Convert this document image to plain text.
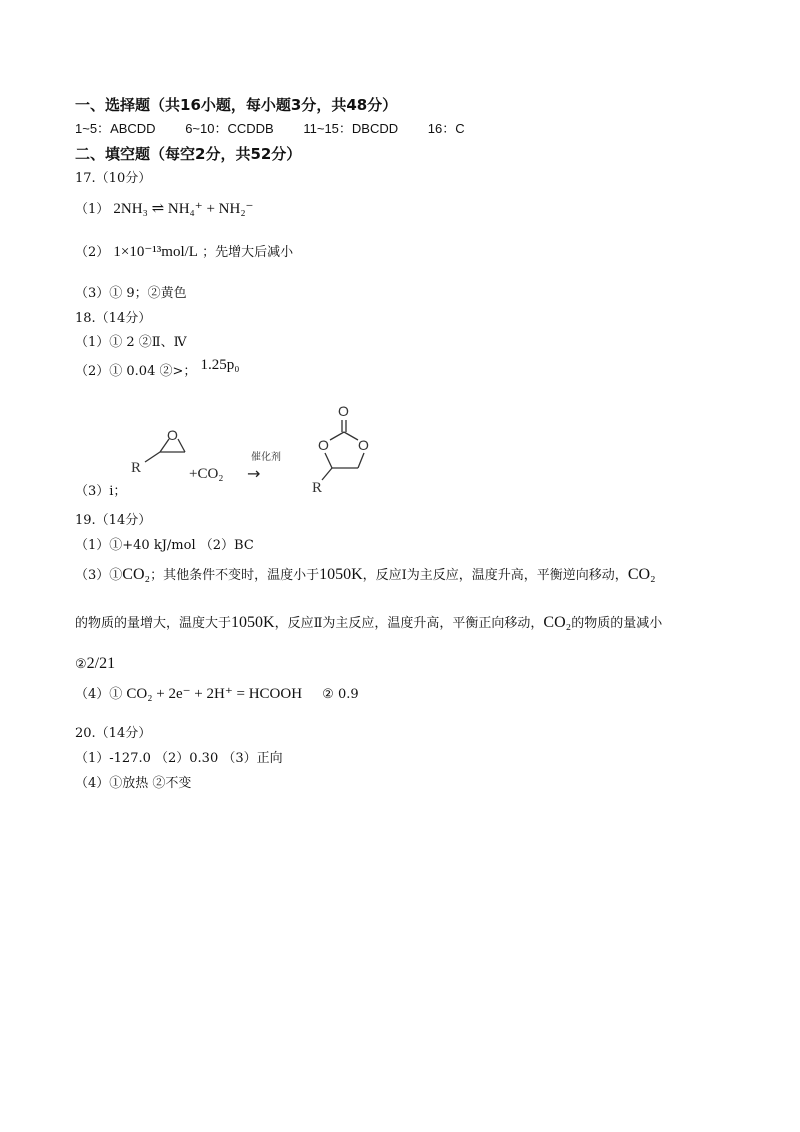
一、选择题（共16小题，每小题3分，共48分）
1~5：ABCDD 6~10：CCDDB 11~15：DBCDD 16：C
二、填空题（每空2分，共52分）
17.（10分）
（1） 2NH₃ ⇌ NH₄⁺ + NH₂⁻
（2） 1×10⁻¹³mol/L ；先增大后减小
（3）① 9；②黄色
18.（14分）
（1）① 2 ②Ⅱ、Ⅳ
（2）① 0.04 ②>； 1.25p₀
O
R	+CO₂
催化剂
→
O
O O
R
（3）i；
19.（14分）
（1）①+40 kJ/mol （2）BC
（3）①CO₂；其他条件不变时，温度小于1050K，反应Ⅰ为主反应，温度升高，平衡逆向移动，CO₂
的物质的量增大，温度大于1050K，反应Ⅱ为主反应，温度升高，平衡正向移动，CO₂的物质的量减小
②2/21
（4）① CO₂ + 2e⁻ + 2H⁺ = HCOOH ② 0.9
20.（14分）
（1）-127.0 （2）0.30 （3）正向
（4）①放热 ②不变
